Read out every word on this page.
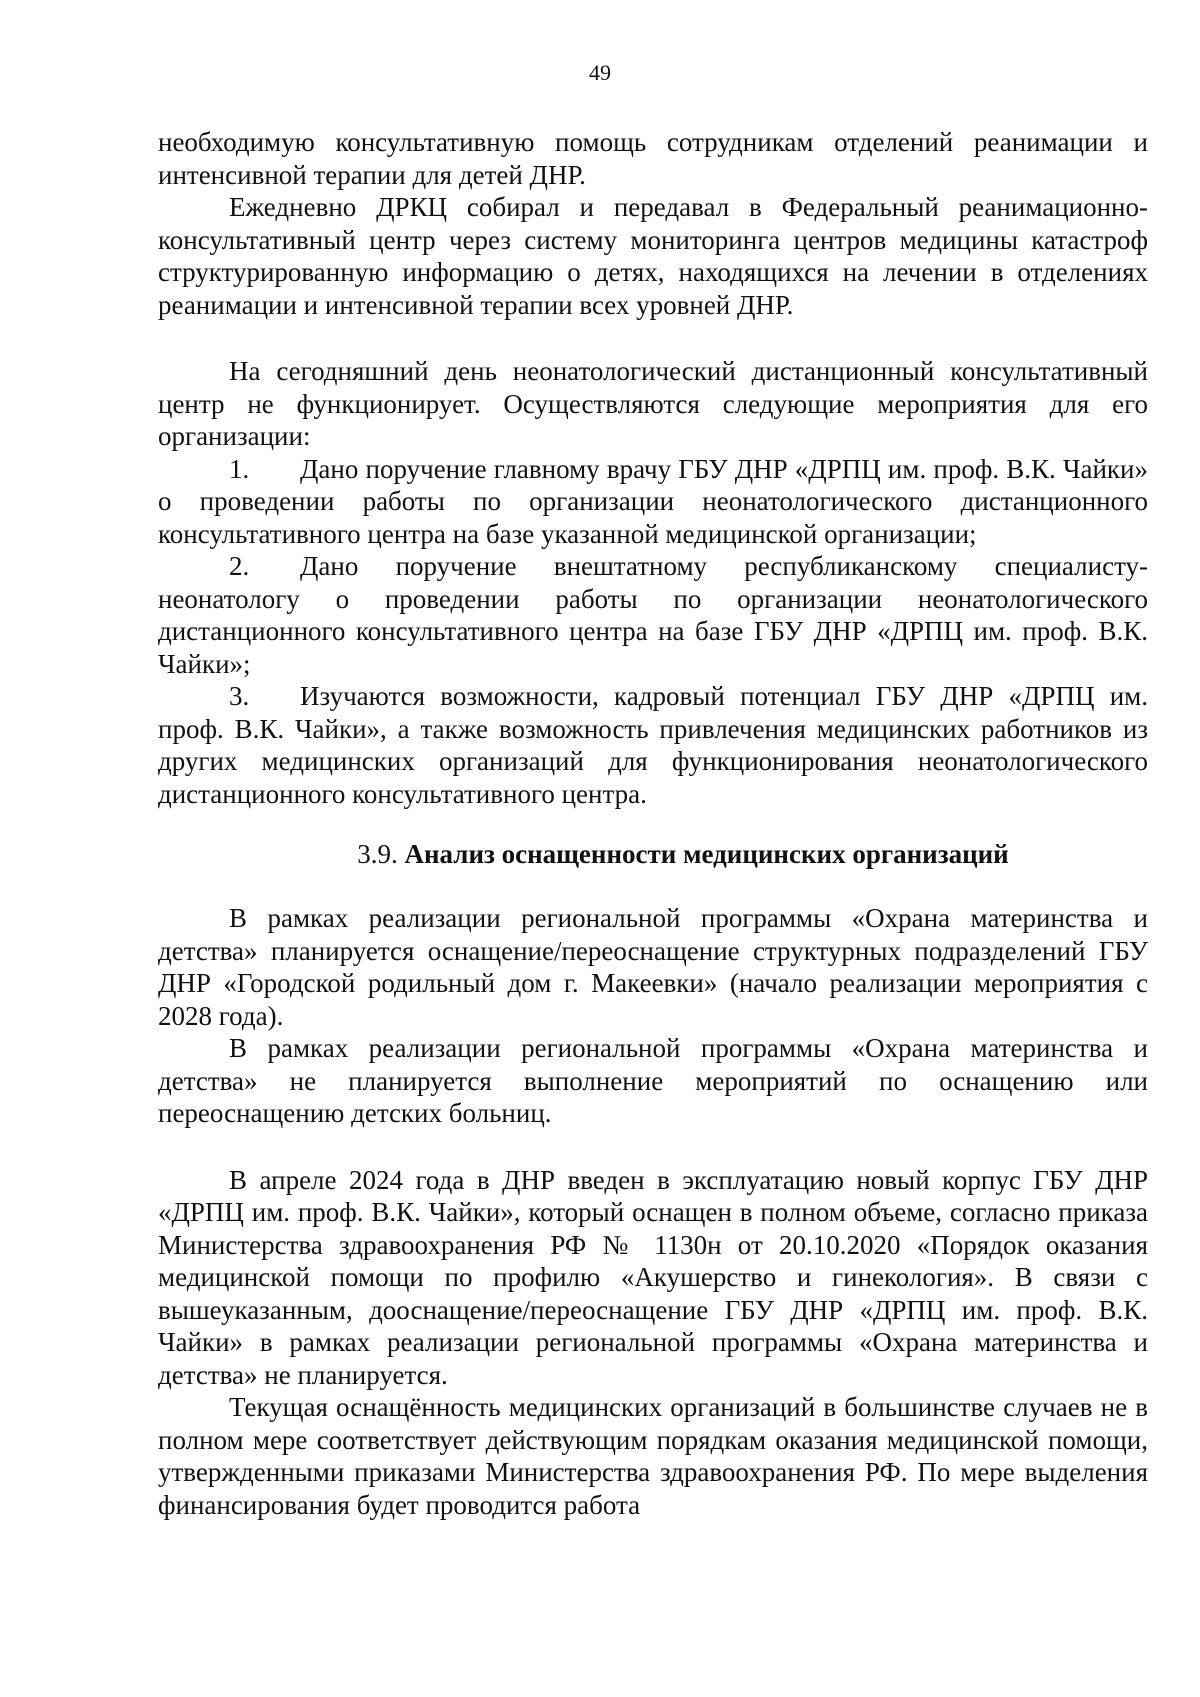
49

необходимую консультативную помощь сотрудникам отделений реанимации и интенсивной терапии для детей ДНР.

Ежедневно ДРКЦ собирал и передавал в Федеральный реанимационно-консультативный центр через систему мониторинга центров медицины катастроф структурированную информацию о детях, находящихся на лечении в отделениях реанимации и интенсивной терапии всех уровней ДНР.

На сегодняшний день неонатологический дистанционный консультативный центр не функционирует. Осуществляются следующие мероприятия для его организации:

1. Дано поручение главному врачу ГБУ ДНР «ДРПЦ им. проф. В.К. Чайки» о проведении работы по организации неонатологического дистанционного консультативного центра на базе указанной медицинской организации;

2. Дано поручение внештатному республиканскому специалисту-неонатологу о проведении работы по организации неонатологического дистанционного консультативного центра на базе ГБУ ДНР «ДРПЦ им. проф. В.К. Чайки»;

3. Изучаются возможности, кадровый потенциал ГБУ ДНР «ДРПЦ им. проф. В.К. Чайки», а также возможность привлечения медицинских работников из других медицинских организаций для функционирования неонатологического дистанционного консультативного центра.

3.9. Анализ оснащенности медицинских организаций

В рамках реализации региональной программы «Охрана материнства и детства» планируется оснащение/переоснащение структурных подразделений ГБУ ДНР «Городской родильный дом г. Макеевки» (начало реализации мероприятия с 2028 года).

В рамках реализации региональной программы «Охрана материнства и детства» не планируется выполнение мероприятий по оснащению или переоснащению детских больниц.

В апреле 2024 года в ДНР введен в эксплуатацию новый корпус ГБУ ДНР «ДРПЦ им. проф. В.К. Чайки», который оснащен в полном объеме, согласно приказа Министерства здравоохранения РФ № 1130н от 20.10.2020 «Порядок оказания медицинской помощи по профилю «Акушерство и гинекология». В связи с вышеуказанным, дооснащение/переоснащение ГБУ ДНР «ДРПЦ им. проф. В.К. Чайки» в рамках реализации региональной программы «Охрана материнства и детства» не планируется.

Текущая оснащённость медицинских организаций в большинстве случаев не в полном мере соответствует действующим порядкам оказания медицинской помощи, утвержденными приказами Министерства здравоохранения РФ. По мере выделения финансирования будет проводится работа
